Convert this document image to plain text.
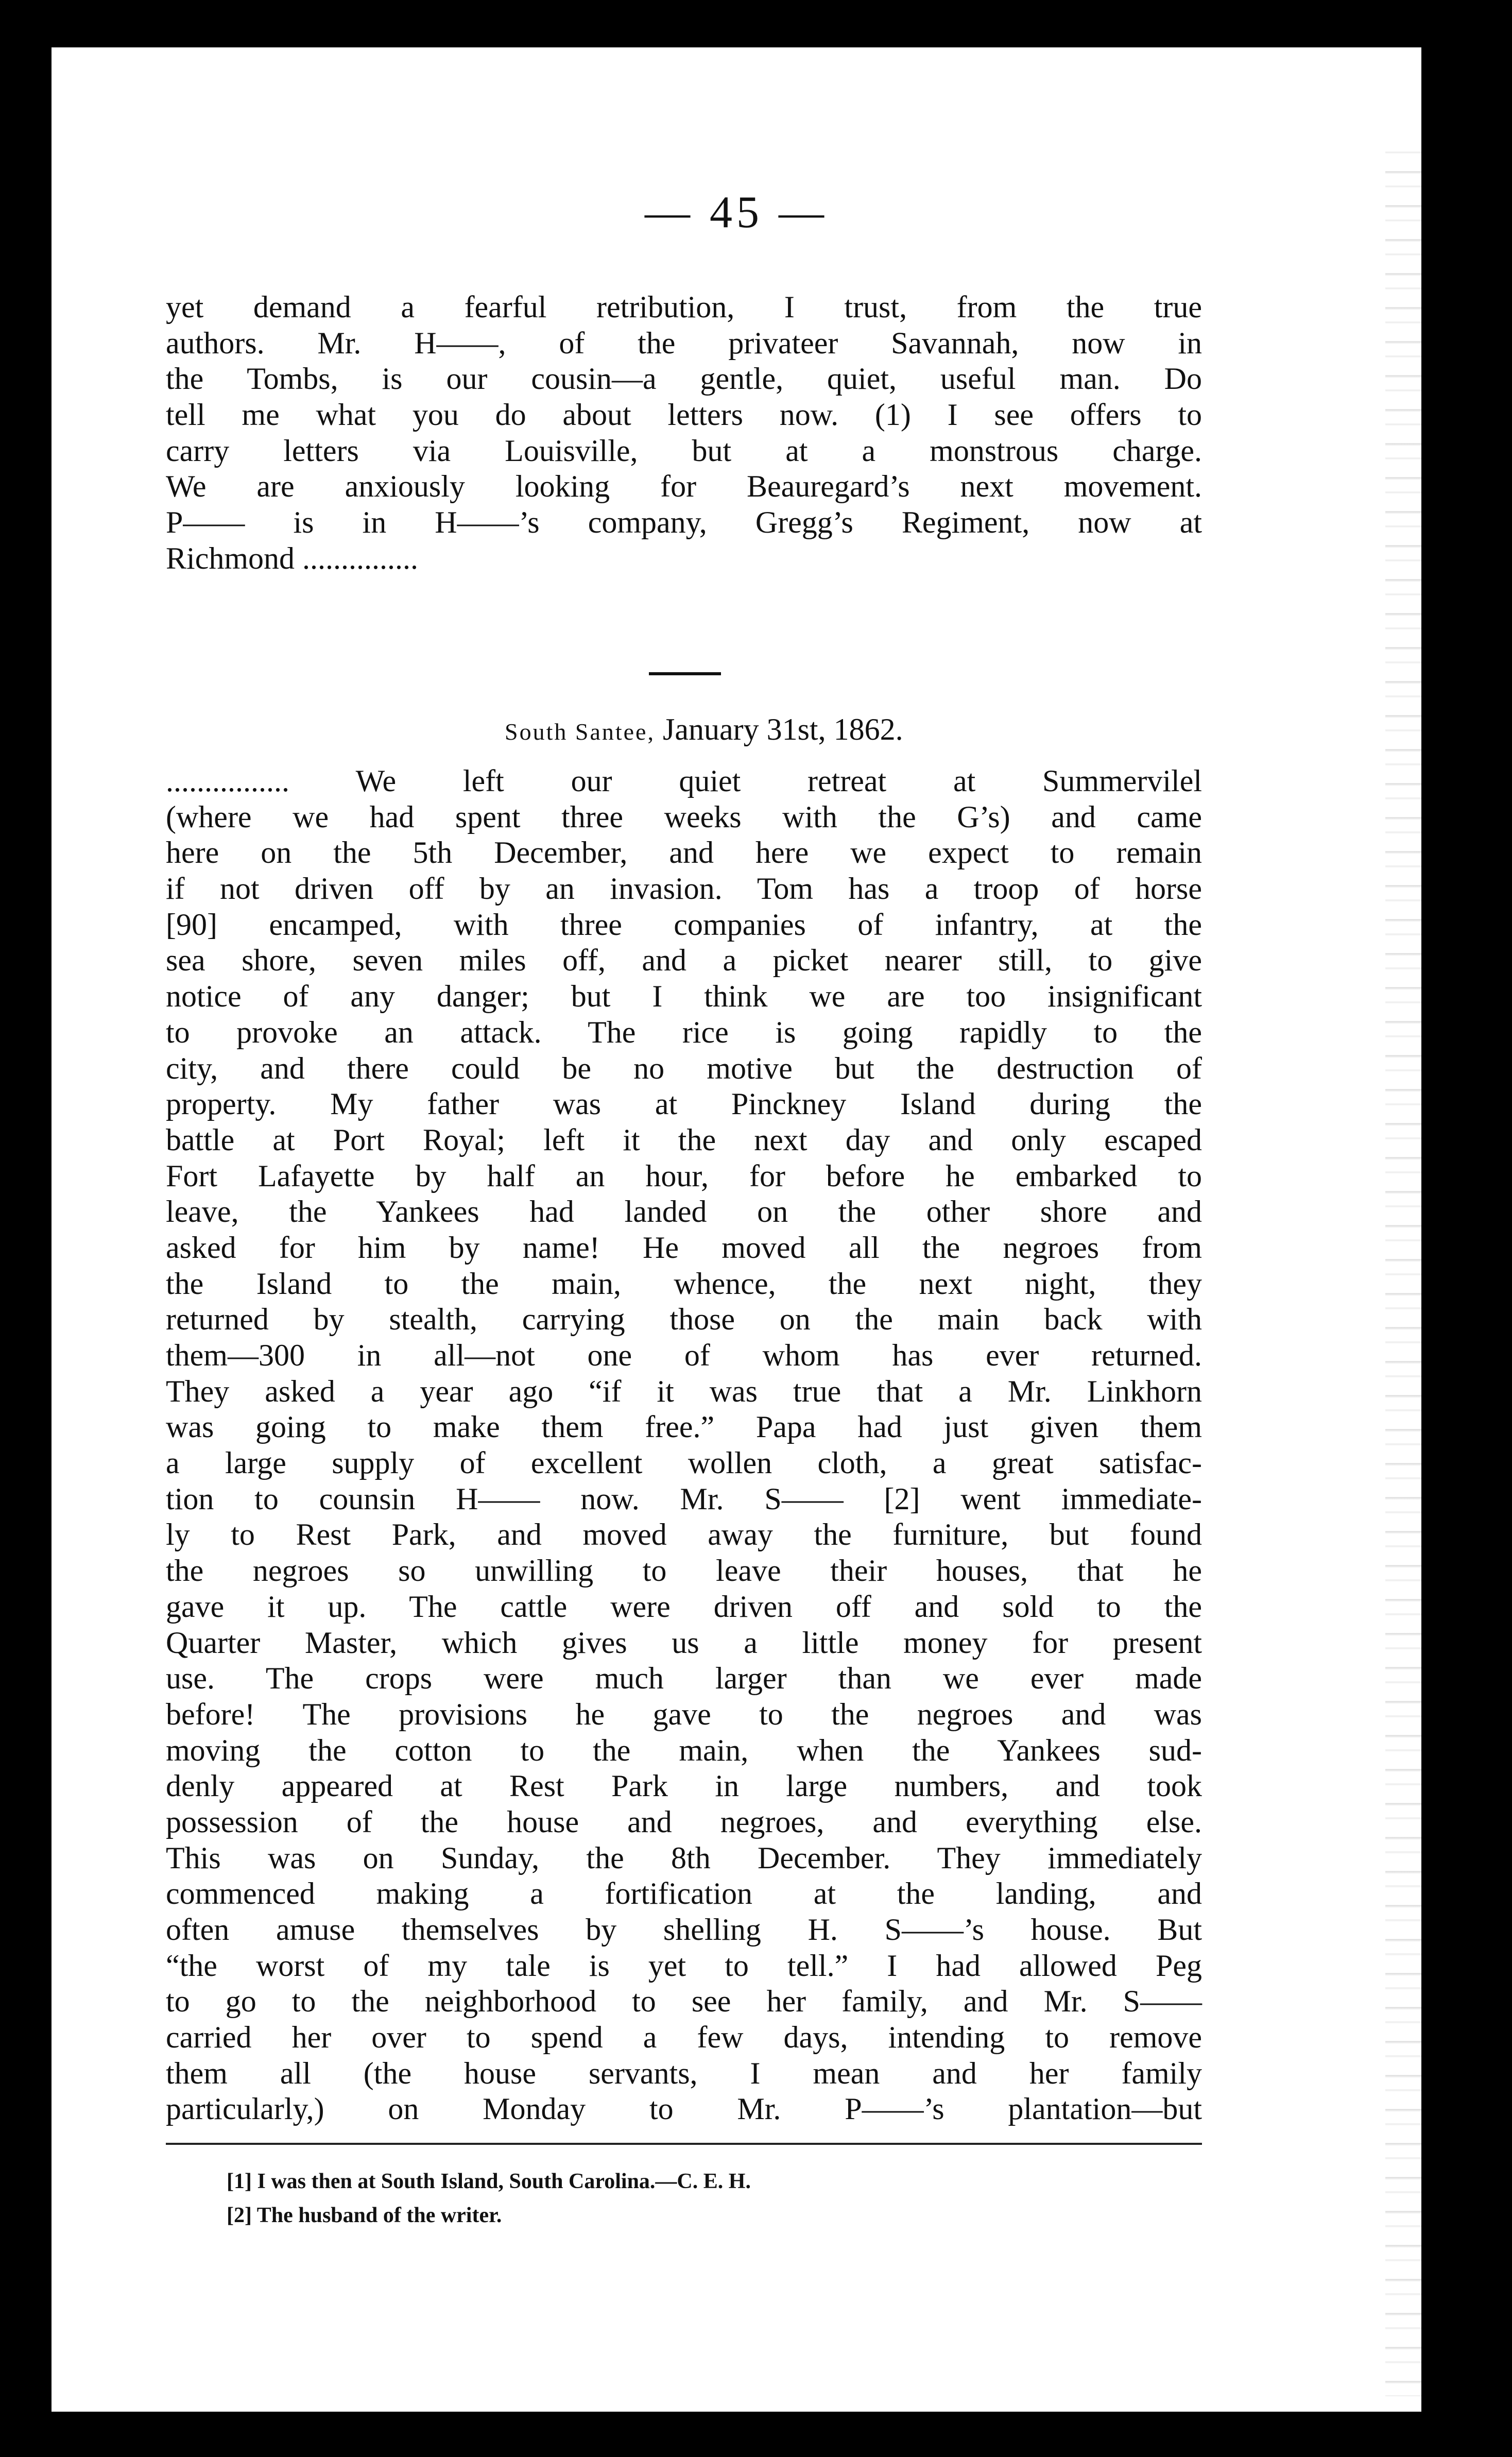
— 45 —
yet demand a fearful retribution, I trust, from the true
authors. Mr. H——, of the privateer Savannah, now in
the Tombs, is our cousin—a gentle, quiet, useful man. Do
tell me what you do about letters now. (1) I see offers to
carry letters via Louisville, but at a monstrous charge.
We are anxiously looking for Beauregard’s next movement.
P—— is in H——’s company, Gregg’s Regiment, now at
Richmond ...............
South Santee, January 31st, 1862.
................ We left our quiet retreat at Summervilel
(where we had spent three weeks with the G’s) and came
here on the 5th December, and here we expect to remain
if not driven off by an invasion. Tom has a troop of horse
[90] encamped, with three companies of infantry, at the
sea shore, seven miles off, and a picket nearer still, to give
notice of any danger; but I think we are too insignificant
to provoke an attack. The rice is going rapidly to the
city, and there could be no motive but the destruction of
property. My father was at Pinckney Island during the
battle at Port Royal; left it the next day and only escaped
Fort Lafayette by half an hour, for before he embarked to
leave, the Yankees had landed on the other shore and
asked for him by name! He moved all the negroes from
the Island to the main, whence, the next night, they
returned by stealth, carrying those on the main back with
them—300 in all—not one of whom has ever returned.
They asked a year ago “if it was true that a Mr. Linkhorn
was going to make them free.” Papa had just given them
a large supply of excellent wollen cloth, a great satisfac-
tion to counsin H—— now. Mr. S—— [2] went immediate-
ly to Rest Park, and moved away the furniture, but found
the negroes so unwilling to leave their houses, that he
gave it up. The cattle were driven off and sold to the
Quarter Master, which gives us a little money for present
use. The crops were much larger than we ever made
before! The provisions he gave to the negroes and was
moving the cotton to the main, when the Yankees sud-
denly appeared at Rest Park in large numbers, and took
possession of the house and negroes, and everything else.
This was on Sunday, the 8th December. They immediately
commenced making a fortification at the landing, and
often amuse themselves by shelling H. S——’s house. But
“the worst of my tale is yet to tell.” I had allowed Peg
to go to the neighborhood to see her family, and Mr. S——
carried her over to spend a few days, intending to remove
them all (the house servants, I mean and her family
particularly,) on Monday to Mr. P——’s plantation—but
[1] I was then at South Island, South Carolina.—C. E. H.
[2] The husband of the writer.
